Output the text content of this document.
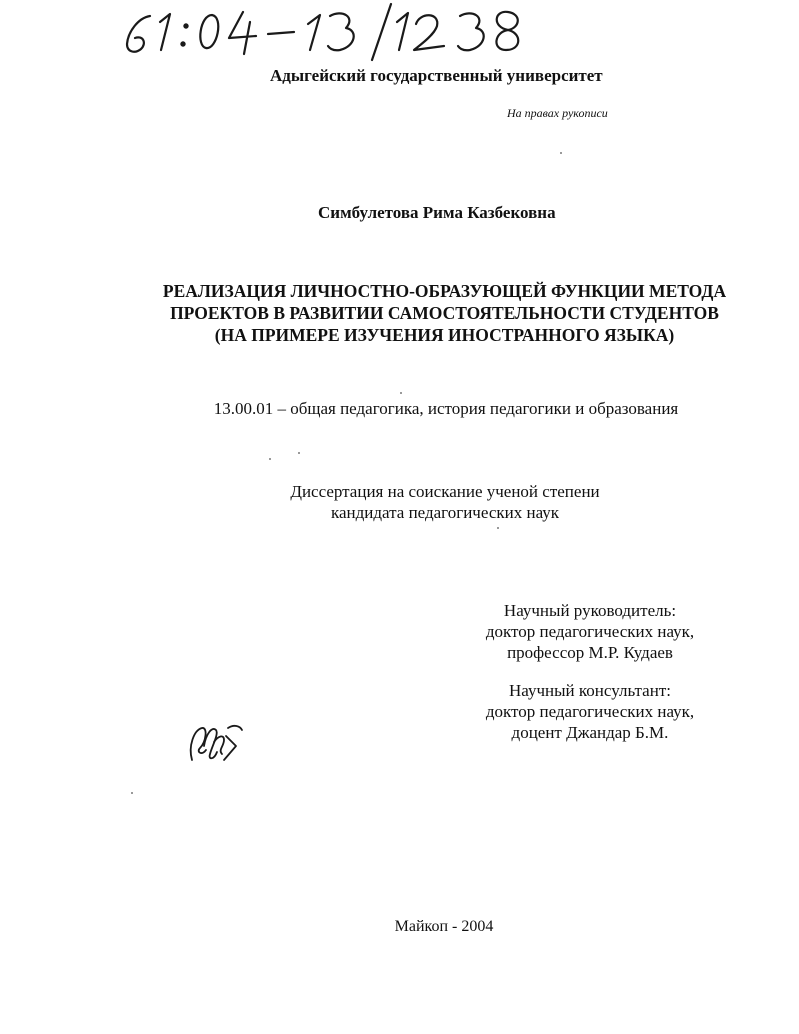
Адыгейский государственный университет
На правах рукописи
Симбулетова Рима Казбековна
РЕАЛИЗАЦИЯ ЛИЧНОСТНО-ОБРАЗУЮЩЕЙ ФУНКЦИИ МЕТОДА
ПРОЕКТОВ В РАЗВИТИИ САМОСТОЯТЕЛЬНОСТИ СТУДЕНТОВ
(НА ПРИМЕРЕ ИЗУЧЕНИЯ ИНОСТРАННОГО ЯЗЫКА)
13.00.01 – общая педагогика, история педагогики и образования
Диссертация на соискание ученой степени
кандидата педагогических наук
Научный руководитель:
доктор педагогических наук,
профессор М.Р. Кудаев
Научный консультант:
доктор педагогических наук,
доцент Джандар Б.М.
Майкоп - 2004
